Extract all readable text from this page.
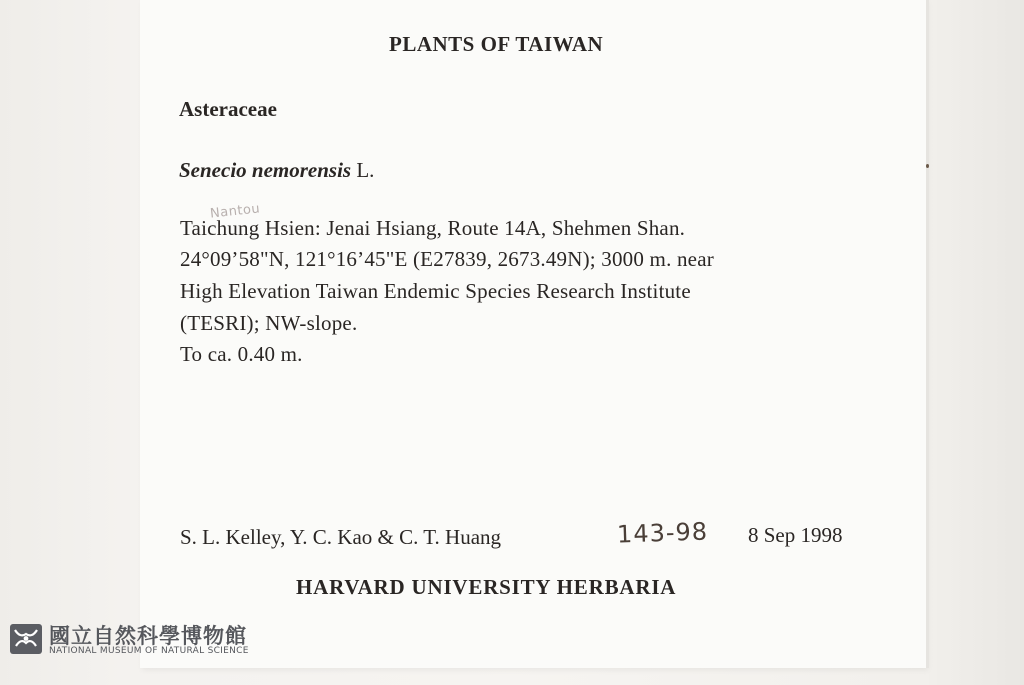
PLANTS OF TAIWAN
Asteraceae
Senecio nemorensis L.
Nantou
Taichung Hsien: Jenai Hsiang, Route 14A, Shehmen Shan.
24°09’58"N, 121°16’45"E (E27839, 2673.49N); 3000 m. near
High Elevation Taiwan Endemic Species Research Institute
(TESRI); NW-slope.
To ca. 0.40 m.
S. L. Kelley, Y. C. Kao & C. T. Huang	143-98 8 Sep 1998
HARVARD UNIVERSITY HERBARIA
國立自然科學博物館
NATIONAL MUSEUM OF NATURAL SCIENCE
